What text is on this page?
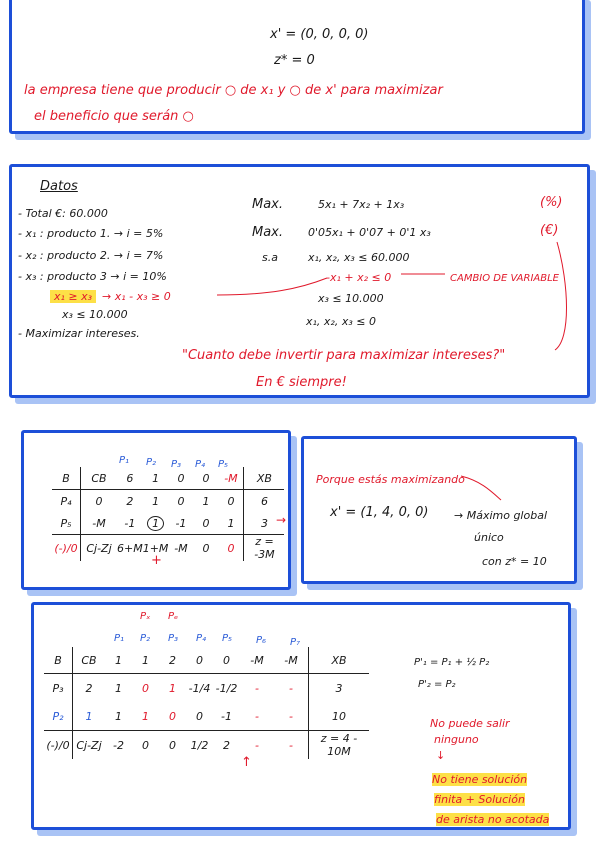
x' = (0, 0, 0, 0)
z* = 0
la empresa tiene que producir ○ de x₁ y ○ de x' para maximizar
el beneficio que serán ○
Datos
- Total €: 60.000
- x₁ : producto 1. → i = 5%
- x₂ : producto 2. → i = 7%
- x₃ : producto 3 → i = 10%
x₁ ≥ x₃ → x₁ - x₃ ≥ 0
x₃ ≤ 10.000
- Maximizar intereses.
Max.	5x₁ + 7x₂ + 1x₃
Max. 0'05x₁ + 0'07 + 0'1 x₃
s.a	x₁, x₂, x₃ ≤ 60.000
-x₁ + x₂ ≤ 0	CAMBIO DE VARIABLE
x₃ ≤ 10.000
x₁, x₂, x₃ ≤ 0
(%)
(€)
"Cuanto debe invertir para maximizar intereses?"
En € siempre!
P₁ P₂ P₃ P₄ P₅
B	CB	6	1	0	0	-M	XB
P₄	0	2	1	0	1	0	6
P₅	-M	-1	1	-1	0	1	3
(-)/0	Cj-Zj	6+M	1+M	-M	0	0	z = -3M
+
→
Porque estás maximizando
x' = (1, 4, 0, 0) → Máximo global
único
con z* = 10
Pₓ Pₑ
P₁ P₂ P₃ P₄ P₅ P₆ P₇
B	CB	1	1	2	0	0	-M	-M	XB
P₃	2	1	0	1	-1/4	-1/2	-	-	3
P₂	1	1	1	0	0	-1	-	-	10
(-)/0	Cj-Zj	-2	0	0	1/2	2	-	-	z = 4 - 10M
↑
P'₁ = P₁ + ½ P₂
P'₂ = P₂
No puede salir
ninguno
↓
No tiene solución
finita + Solución
de arista no acotada
